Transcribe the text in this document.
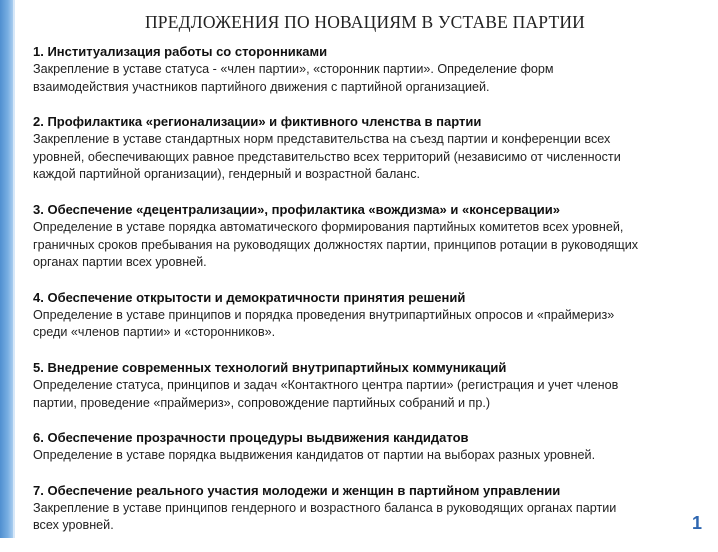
ПРЕДЛОЖЕНИЯ ПО НОВАЦИЯМ В УСТАВЕ ПАРТИИ
1. Институализация работы со сторонниками
Закрепление в уставе статуса - «член партии», «сторонник партии». Определение форм
взаимодействия участников партийного движения с партийной организацией.
2. Профилактика «регионализации» и фиктивного членства в партии
Закрепление в уставе стандартных норм представительства на съезд партии и конференции всех
уровней, обеспечивающих равное представительство всех территорий (независимо от численности
каждой партийной организации), гендерный и возрастной баланс.
3. Обеспечение «децентрализации», профилактика «вождизма» и «консервации»
Определение в уставе порядка автоматического формирования партийных комитетов всех уровней,
граничных сроков пребывания на руководящих должностях партии, принципов ротации в руководящих
органах партии всех уровней.
4. Обеспечение открытости и демократичности принятия решений
Определение в уставе принципов и порядка проведения внутрипартийных опросов и «праймериз»
среди «членов партии» и «сторонников».
5. Внедрение современных технологий внутрипартийных коммуникаций
Определение статуса, принципов и задач «Контактного центра партии» (регистрация и учет членов
партии, проведение «праймериз», сопровождение партийных собраний и пр.)
6. Обеспечение прозрачности процедуры выдвижения кандидатов
Определение в уставе порядка выдвижения кандидатов от партии на выборах разных уровней.
7. Обеспечение реального участия молодежи и женщин в партийном управлении
Закрепление в уставе принципов гендерного и возрастного баланса в руководящих органах партии
всех уровней.	1
